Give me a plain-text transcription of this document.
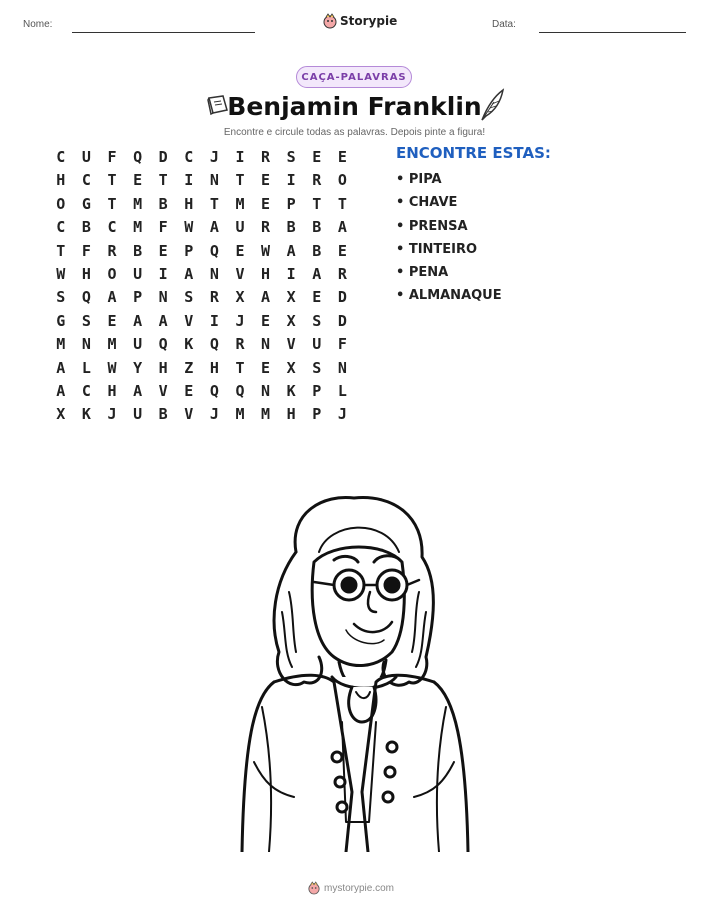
Nome:	Storypie	Data:
CAÇA-PALAVRAS
Benjamin Franklin
Encontre e circule todas as palavras. Depois pinte a figura!
C	U	F	Q	D	C	J	I	R	S	E	E
H	C	T	E	T	I	N	T	E	I	R	O
O	G	T	M	B	H	T	M	E	P	T	T
C	B	C	M	F	W	A	U	R	B	B	A
T	F	R	B	E	P	Q	E	W	A	B	E
W	H	O	U	I	A	N	V	H	I	A	R
S	Q	A	P	N	S	R	X	A	X	E	D
G	S	E	A	A	V	I	J	E	X	S	D
M	N	M	U	Q	K	Q	R	N	V	U	F
A	L	W	Y	H	Z	H	T	E	X	S	N
A	C	H	A	V	E	Q	Q	N	K	P	L
X	K	J	U	B	V	J	M	M	H	P	J
ENCONTRE ESTAS:
• PIPA
• CHAVE
• PRENSA
• TINTEIRO
• PENA
• ALMANAQUE
mystorypie.com
